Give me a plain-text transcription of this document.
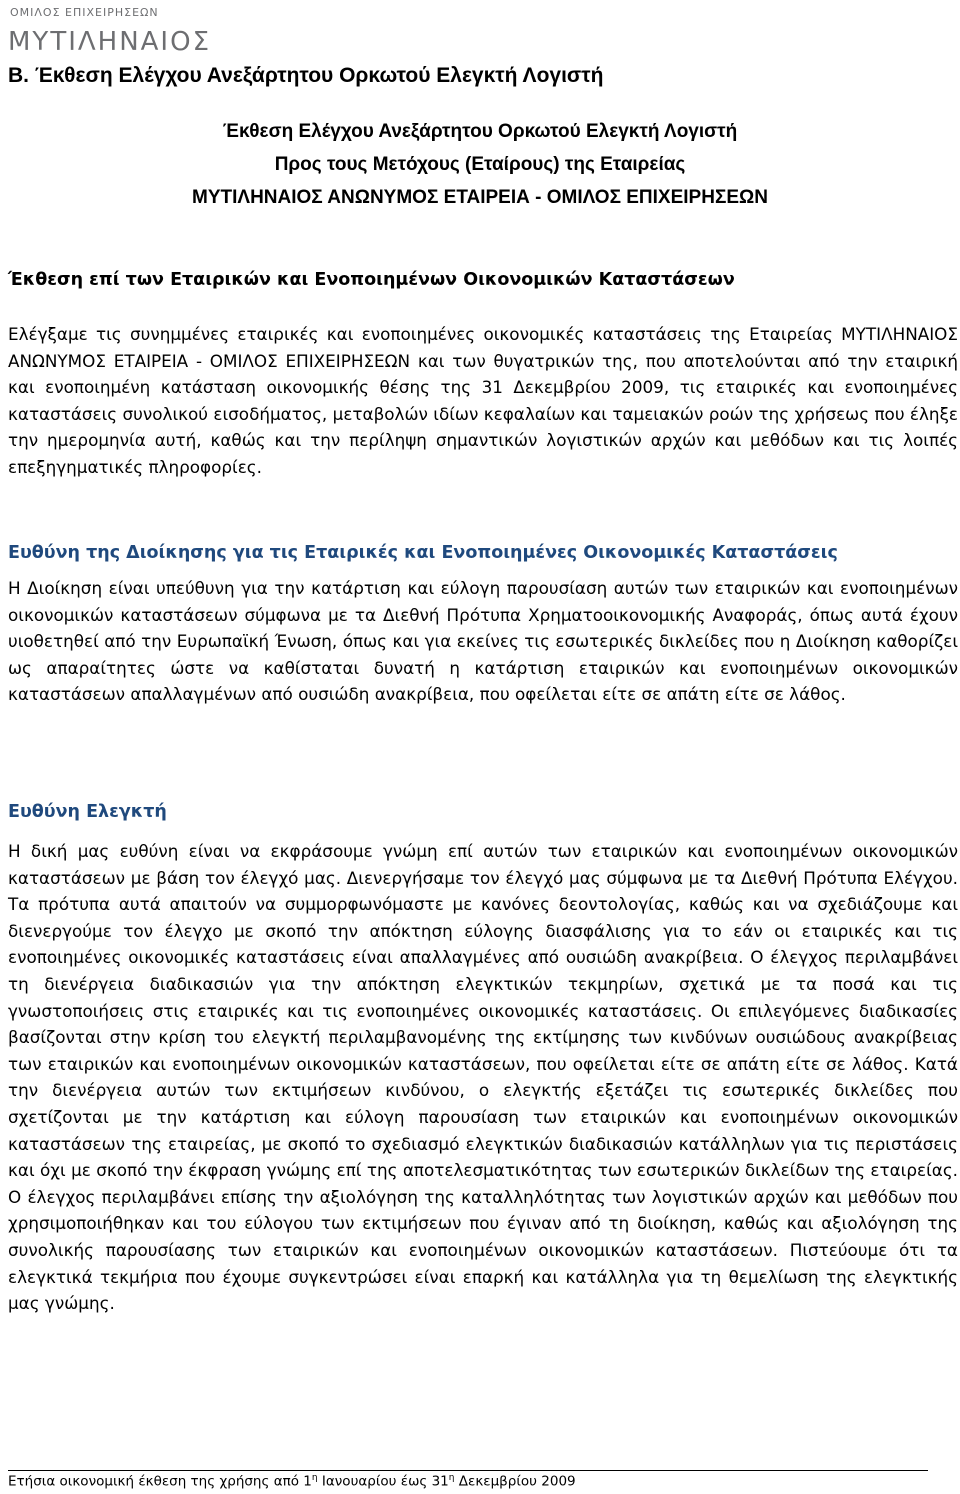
ΟΜΙΛΟΣ ΕΠΙΧΕΙΡΗΣΕΩΝ
ΜΥΤΙΛΗΝΑΙΟΣ
B. Έκθεση Ελέγχου Ανεξάρτητου Ορκωτού Ελεγκτή Λογιστή
Έκθεση Ελέγχου Ανεξάρτητου Ορκωτού Ελεγκτή Λογιστή
Προς τους Μετόχους (Εταίρους) της Εταιρείας
ΜΥΤΙΛΗΝΑΙΟΣ ΑΝΩΝΥΜΟΣ ΕΤΑΙΡΕΙΑ - ΟΜΙΛΟΣ ΕΠΙΧΕΙΡΗΣΕΩΝ
Έκθεση επί των Εταιρικών και Ενοποιημένων Οικονομικών Καταστάσεων

Ελέγξαμε τις συνημμένες εταιρικές και ενοποιημένες οικονομικές καταστάσεις της Εταιρείας ΜΥΤΙΛΗΝΑΙΟΣ ΑΝΩΝΥΜΟΣ ΕΤΑΙΡΕΙΑ - ΟΜΙΛΟΣ ΕΠΙΧΕΙΡΗΣΕΩΝ και των θυγατρικών της, που αποτελούνται από την εταιρική και ενοποιημένη κατάσταση οικονομικής θέσης της 31 Δεκεμβρίου 2009, τις εταιρικές και ενοποιημένες καταστάσεις συνολικού εισοδήματος, μεταβολών ιδίων κεφαλαίων και ταμειακών ροών της χρήσεως που έληξε την ημερομηνία αυτή, καθώς και την περίληψη σημαντικών λογιστικών αρχών και μεθόδων και τις λοιπές επεξηγηματικές πληροφορίες.

Ευθύνη της Διοίκησης για τις Εταιρικές και Ενοποιημένες Οικονομικές Καταστάσεις

Η Διοίκηση είναι υπεύθυνη για την κατάρτιση και εύλογη παρουσίαση αυτών των εταιρικών και ενοποιημένων οικονομικών καταστάσεων σύμφωνα με τα Διεθνή Πρότυπα Χρηματοοικονομικής Αναφοράς, όπως αυτά έχουν υιοθετηθεί από την Ευρωπαϊκή Ένωση, όπως και για εκείνες τις εσωτερικές δικλείδες που η Διοίκηση καθορίζει ως απαραίτητες ώστε να καθίσταται δυνατή η κατάρτιση εταιρικών και ενοποιημένων οικονομικών καταστάσεων απαλλαγμένων από ουσιώδη ανακρίβεια, που οφείλεται είτε σε απάτη είτε σε λάθος.

Ευθύνη Ελεγκτή

Η δική μας ευθύνη είναι να εκφράσουμε γνώμη επί αυτών των εταιρικών και ενοποιημένων οικονομικών καταστάσεων με βάση τον έλεγχό μας. Διενεργήσαμε τον έλεγχό μας σύμφωνα με τα Διεθνή Πρότυπα Ελέγχου. Τα πρότυπα αυτά απαιτούν να συμμορφωνόμαστε με κανόνες δεοντολογίας, καθώς και να σχεδιάζουμε και διενεργούμε τον έλεγχο με σκοπό την απόκτηση εύλογης διασφάλισης για το εάν οι εταιρικές και τις ενοποιημένες οικονομικές καταστάσεις είναι απαλλαγμένες από ουσιώδη ανακρίβεια. Ο έλεγχος περιλαμβάνει τη διενέργεια διαδικασιών για την απόκτηση ελεγκτικών τεκμηρίων, σχετικά με τα ποσά και τις γνωστοποιήσεις στις εταιρικές και τις ενοποιημένες οικονομικές καταστάσεις. Οι επιλεγόμενες διαδικασίες βασίζονται στην κρίση του ελεγκτή περιλαμβανομένης της εκτίμησης των κινδύνων ουσιώδους ανακρίβειας των εταιρικών και ενοποιημένων οικονομικών καταστάσεων, που οφείλεται είτε σε απάτη είτε σε λάθος. Κατά την διενέργεια αυτών των εκτιμήσεων κινδύνου, ο ελεγκτής εξετάζει τις εσωτερικές δικλείδες που σχετίζονται με την κατάρτιση και εύλογη παρουσίαση των εταιρικών και ενοποιημένων οικονομικών καταστάσεων της εταιρείας, με σκοπό το σχεδιασμό ελεγκτικών διαδικασιών κατάλληλων για τις περιστάσεις και όχι με σκοπό την έκφραση γνώμης επί της αποτελεσματικότητας των εσωτερικών δικλείδων της εταιρείας. Ο έλεγχος περιλαμβάνει επίσης την αξιολόγηση της καταλληλότητας των λογιστικών αρχών και μεθόδων που χρησιμοποιήθηκαν και του εύλογου των εκτιμήσεων που έγιναν από τη διοίκηση, καθώς και αξιολόγηση της συνολικής παρουσίασης των εταιρικών και ενοποιημένων οικονομικών καταστάσεων. Πιστεύουμε ότι τα ελεγκτικά τεκμήρια που έχουμε συγκεντρώσει είναι επαρκή και κατάλληλα για τη θεμελίωση της ελεγκτικής μας γνώμης.

Ετήσια οικονομική έκθεση της χρήσης από $1^\eta$ Ιανουαρίου έως $31^\eta$ Δεκεμβρίου 2009
